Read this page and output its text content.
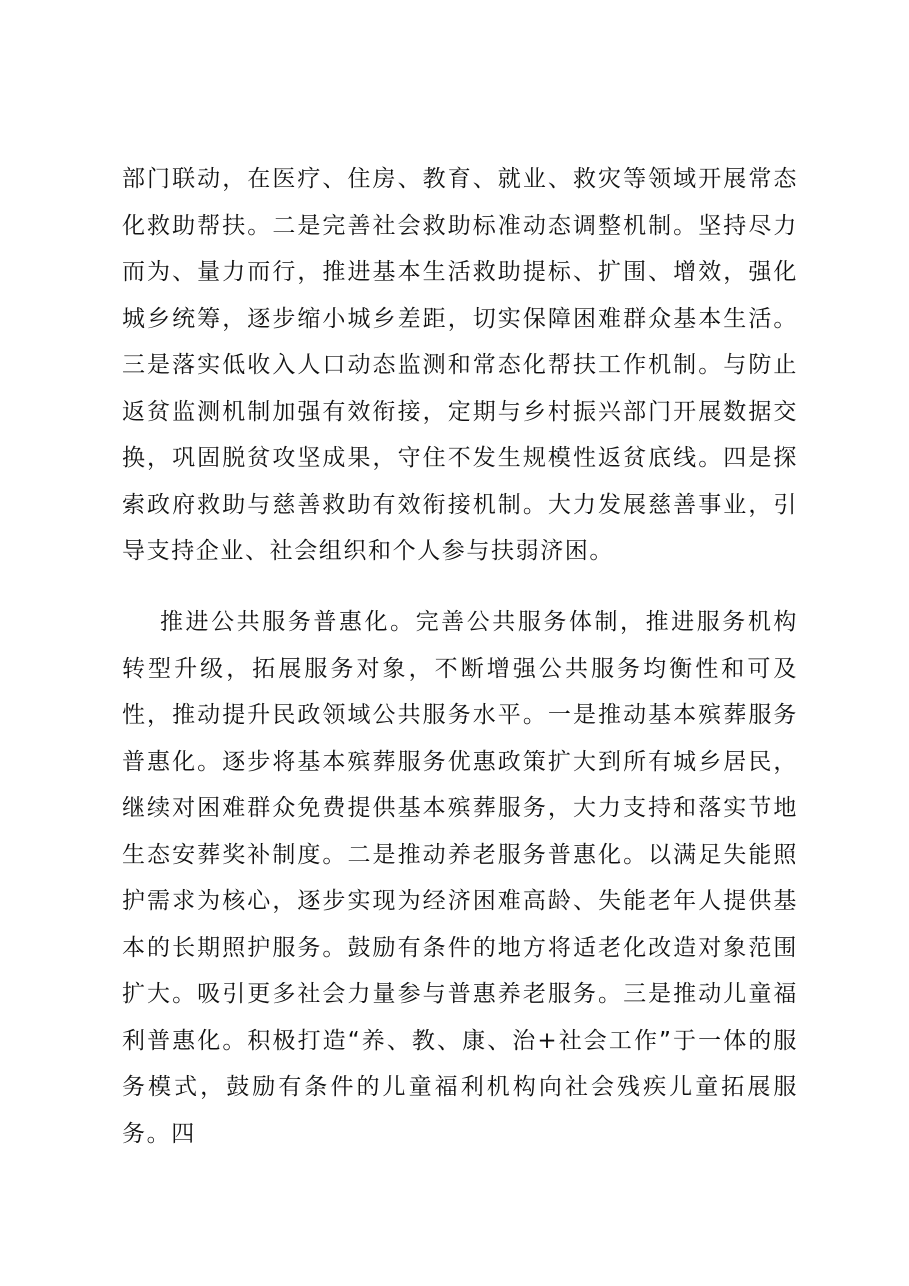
部门联动，在医疗、住房、教育、就业、救灾等领域开展常态化救助帮扶。二是完善社会救助标准动态调整机制。坚持尽力而为、量力而行，推进基本生活救助提标、扩围、增效，强化城乡统筹，逐步缩小城乡差距，切实保障困难群众基本生活。三是落实低收入人口动态监测和常态化帮扶工作机制。与防止返贫监测机制加强有效衔接，定期与乡村振兴部门开展数据交换，巩固脱贫攻坚成果，守住不发生规模性返贫底线。四是探索政府救助与慈善救助有效衔接机制。大力发展慈善事业，引导支持企业、社会组织和个人参与扶弱济困。

推进公共服务普惠化。完善公共服务体制，推进服务机构转型升级，拓展服务对象，不断增强公共服务均衡性和可及性，推动提升民政领域公共服务水平。一是推动基本殡葬服务普惠化。逐步将基本殡葬服务优惠政策扩大到所有城乡居民，继续对困难群众免费提供基本殡葬服务，大力支持和落实节地生态安葬奖补制度。二是推动养老服务普惠化。以满足失能照护需求为核心，逐步实现为经济困难高龄、失能老年人提供基本的长期照护服务。鼓励有条件的地方将适老化改造对象范围扩大。吸引更多社会力量参与普惠养老服务。三是推动儿童福利普惠化。积极打造“养、教、康、治+社会工作”于一体的服务模式，鼓励有条件的儿童福利机构向社会残疾儿童拓展服务。四
